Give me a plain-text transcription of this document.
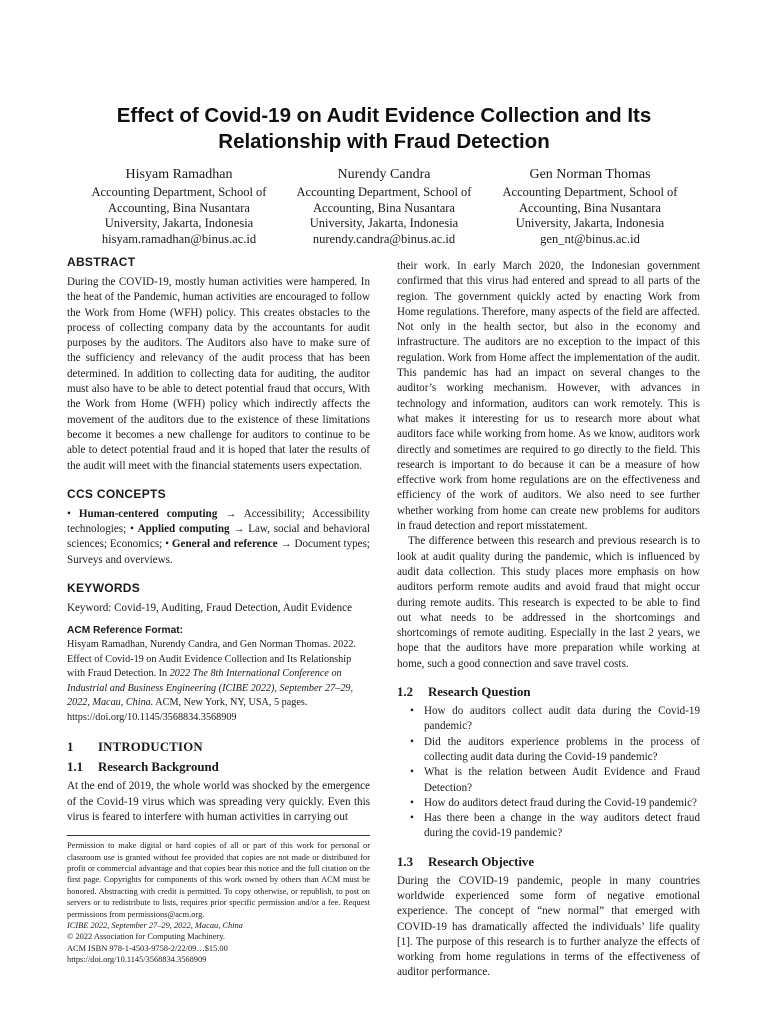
Effect of Covid-19 on Audit Evidence Collection and Its
Relationship with Fraud Detection
Hisyam Ramadhan
Accounting Department, School of
Accounting, Bina Nusantara
University, Jakarta, Indonesia
hisyam.ramadhan@binus.ac.id
Nurendy Candra
Accounting Department, School of
Accounting, Bina Nusantara
University, Jakarta, Indonesia
nurendy.candra@binus.ac.id
Gen Norman Thomas
Accounting Department, School of
Accounting, Bina Nusantara
University, Jakarta, Indonesia
gen_nt@binus.ac.id
ABSTRACT

During the COVID-19, mostly human activities were hampered. In the heat of the Pandemic, human activities are encouraged to follow the Work from Home (WFH) policy. This creates obstacles to the process of collecting company data by the accountants for audit purposes by the auditors. The Auditors also have to make sure of the sufficiency and relevancy of the audit process that has been determined. In addition to collecting data for auditing, the auditor must also have to be able to detect potential fraud that occurs, With the Work from Home (WFH) policy which indirectly affects the movement of the auditors due to the existence of these limitations become it becomes a new challenge for auditors to continue to be able to detect potential fraud and it is hoped that later the results of the audit will meet with the financial statements users expectation.

CCS CONCEPTS

• Human-centered computing → Accessibility; Accessibility technologies; • Applied computing → Law, social and behavioral sciences; Economics; • General and reference → Document types; Surveys and overviews.

KEYWORDS

Keyword: Covid-19, Auditing, Fraud Detection, Audit Evidence

ACM Reference Format:
Hisyam Ramadhan, Nurendy Candra, and Gen Norman Thomas. 2022. Effect of Covid-19 on Audit Evidence Collection and Its Relationship with Fraud Detection. In 2022 The 8th International Conference on Industrial and Business Engineering (ICIBE 2022), September 27–29, 2022, Macau, China. ACM, New York, NY, USA, 5 pages. https://doi.org/10.1145/3568834.3568909
1 INTRODUCTION
1.1 Research Background

At the end of 2019, the whole world was shocked by the emergence of the Covid-19 virus which was spreading very quickly. Even this virus is feared to interfere with human activities in carrying out

Permission to make digital or hard copies of all or part of this work for personal or classroom use is granted without fee provided that copies are not made or distributed for profit or commercial advantage and that copies bear this notice and the full citation on the first page. Copyrights for components of this work owned by others than ACM must be honored. Abstracting with credit is permitted. To copy otherwise, or republish, to post on servers or to redistribute to lists, requires prior specific permission and/or a fee. Request permissions from permissions@acm.org.
ICIBE 2022, September 27–29, 2022, Macau, China
© 2022 Association for Computing Machinery.
ACM ISBN 978-1-4503-9758-2/22/09…$15.00
https://doi.org/10.1145/3568834.3568909

their work. In early March 2020, the Indonesian government confirmed that this virus had entered and spread to all parts of the region. The government quickly acted by enacting Work from Home regulations. Therefore, many aspects of the field are affected. Not only in the health sector, but also in the economy and infrastructure. The auditors are no exception to the impact of this regulation. Work from Home affect the implementation of the audit. This pandemic has had an impact on several changes to the auditor’s working mechanism. However, with advances in technology and information, auditors can work remotely. This is what makes it interesting for us to research more about what auditors face while working from home. As we know, auditors work directly and sometimes are required to go directly to the field. This research is important to do because it can be a measure of how effective work from home regulations are on the effectiveness and efficiency of the work of auditors. We also need to see further whether working from home can create new problems for auditors in fraud detection and report misstatement.

The difference between this research and previous research is to look at audit quality during the pandemic, which is influenced by audit data collection. This study places more emphasis on how auditors perform remote audits and avoid fraud that might occur during remote audits. This research is expected to be able to find out what needs to be addressed in the shortcomings and shortcomings of remote auditing. Especially in the last 2 years, we hope that the auditors have more preparation while working at home, such a good connection and save travel costs.

1.2 Research Question
• How do auditors collect audit data during the Covid-19 pandemic?
• Did the auditors experience problems in the process of collecting audit data during the Covid-19 pandemic?
• What is the relation between Audit Evidence and Fraud Detection?
• How do auditors detect fraud during the Covid-19 pandemic?
• Has there been a change in the way auditors detect fraud during the covid-19 pandemic?
1.3 Research Objective

During the COVID-19 pandemic, people in many countries worldwide experienced some form of negative emotional experience. The concept of “new normal” that emerged with COVID-19 has dramatically affected the individuals’ life quality [1]. The purpose of this research is to further analyze the effects of working from home regulations in terms of the effectiveness of auditor performance.
